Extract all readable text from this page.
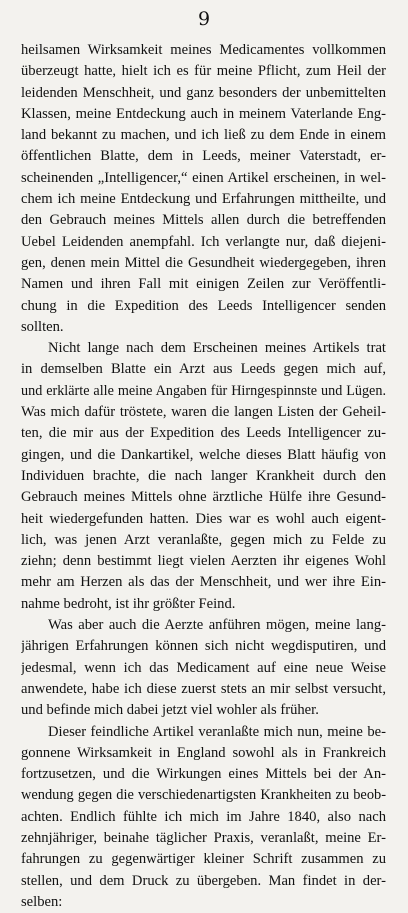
9
heilsamen Wirksamkeit meines Medicamentes vollkommen
überzeugt hatte, hielt ich es für meine Pflicht, zum Heil der
leidenden Menschheit, und ganz besonders der unbemittelten
Klassen, meine Entdeckung auch in meinem Vaterlande Eng-
land bekannt zu machen, und ich ließ zu dem Ende in einem
öffentlichen Blatte, dem in Leeds, meiner Vaterstadt, er-
scheinenden „Intelligencer,“ einen Artikel erscheinen, in wel-
chem ich meine Entdeckung und Erfahrungen mittheilte, und
den Gebrauch meines Mittels allen durch die betreffenden
Uebel Leidenden anempfahl. Ich verlangte nur, daß diejeni-
gen, denen mein Mittel die Gesundheit wiedergegeben, ihren
Namen und ihren Fall mit einigen Zeilen zur Veröffentli-
chung in die Expedition des Leeds Intelligencer senden
sollten.
Nicht lange nach dem Erscheinen meines Artikels trat
in demselben Blatte ein Arzt aus Leeds gegen mich auf,
und erklärte alle meine Angaben für Hirngespinnste und Lügen.
Was mich dafür tröstete, waren die langen Listen der Geheil-
ten, die mir aus der Expedition des Leeds Intelligencer zu-
gingen, und die Dankartikel, welche dieses Blatt häufig von
Individuen brachte, die nach langer Krankheit durch den
Gebrauch meines Mittels ohne ärztliche Hülfe ihre Gesund-
heit wiedergefunden hatten. Dies war es wohl auch eigent-
lich, was jenen Arzt veranlaßte, gegen mich zu Felde zu
ziehn; denn bestimmt liegt vielen Aerzten ihr eigenes Wohl
mehr am Herzen als das der Menschheit, und wer ihre Ein-
nahme bedroht, ist ihr größter Feind.
Was aber auch die Aerzte anführen mögen, meine lang-
jährigen Erfahrungen können sich nicht wegdisputiren, und
jedesmal, wenn ich das Medicament auf eine neue Weise
anwendete, habe ich diese zuerst stets an mir selbst versucht,
und befinde mich dabei jetzt viel wohler als früher.
Dieser feindliche Artikel veranlaßte mich nun, meine be-
gonnene Wirksamkeit in England sowohl als in Frankreich
fortzusetzen, und die Wirkungen eines Mittels bei der An-
wendung gegen die verschiedenartigsten Krankheiten zu beob-
achten. Endlich fühlte ich mich im Jahre 1840, also nach
zehnjähriger, beinahe täglicher Praxis, veranlaßt, meine Er-
fahrungen zu gegenwärtiger kleiner Schrift zusammen zu
stellen, und dem Druck zu übergeben. Man findet in der-
selben:
